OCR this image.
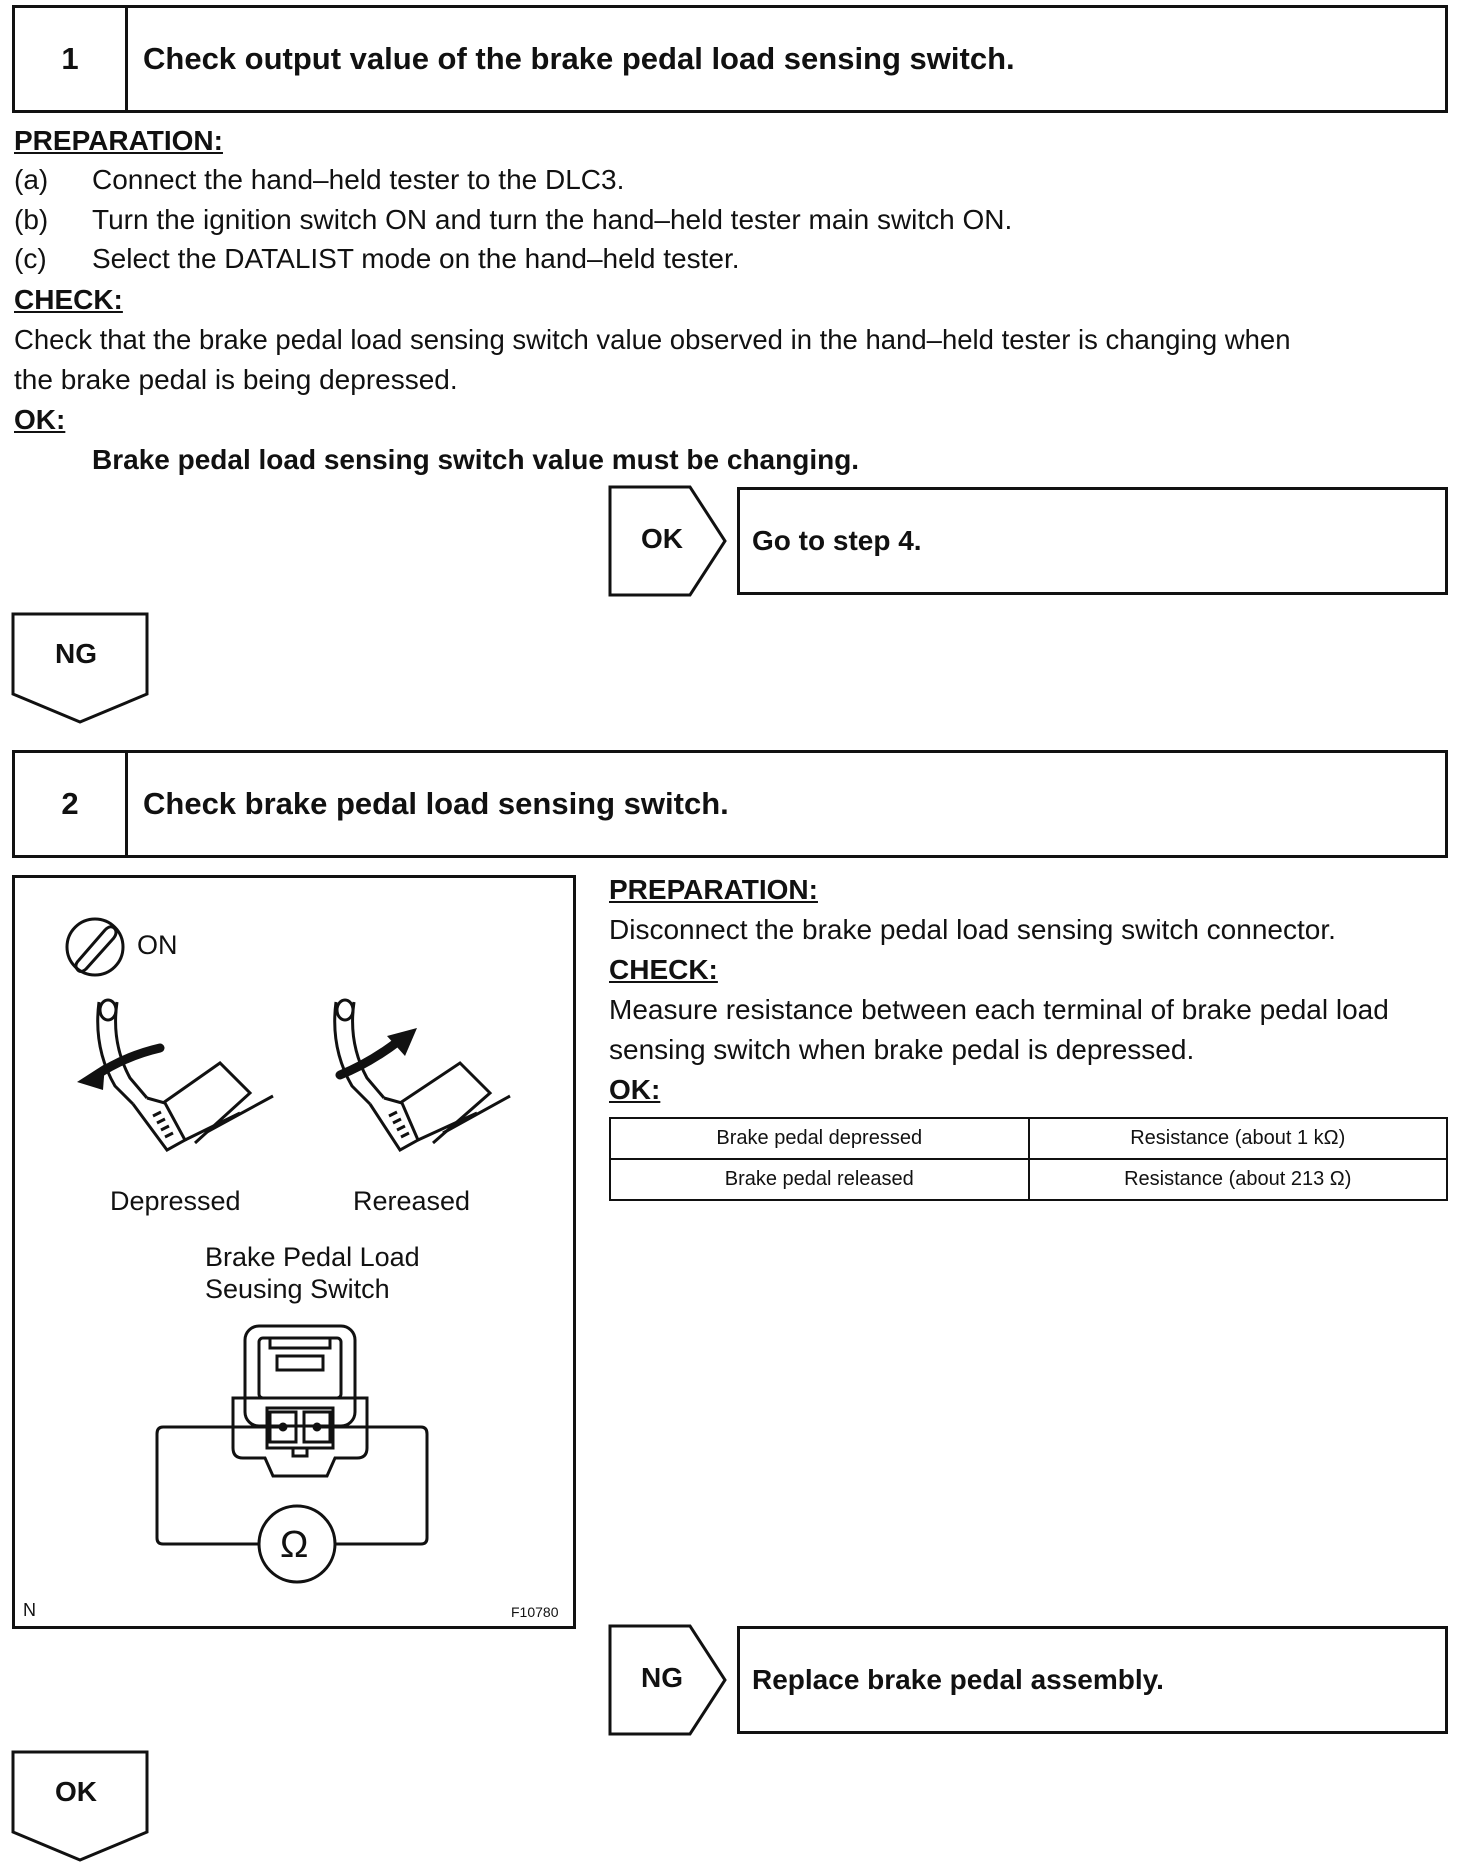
1	Check output value of the brake pedal load sensing switch.
PREPARATION:
(a)	Connect the hand–held tester to the DLC3.
(b)	Turn the ignition switch ON and turn the hand–held tester main switch ON.
(c)	Select the DATALIST mode on the hand–held tester.
CHECK:
Check that the brake pedal load sensing switch value observed in the hand–held tester is changing when
the brake pedal is being depressed.
OK:
Brake pedal load sensing switch value must be changing.
OK Go to step 4.
NG
2	Check brake pedal load sensing switch.
ON
Depressed	Rereased
Brake Pedal Load
Seusing Switch
Ω
N	F10780
PREPARATION:
Disconnect the brake pedal load sensing switch connector.
CHECK:
Measure resistance between each terminal of brake pedal load
sensing switch when brake pedal is depressed.
OK:
Brake pedal depressed	Resistance (about 1 kΩ)
Brake pedal released	Resistance (about 213 Ω)
NG Replace brake pedal assembly.
OK
